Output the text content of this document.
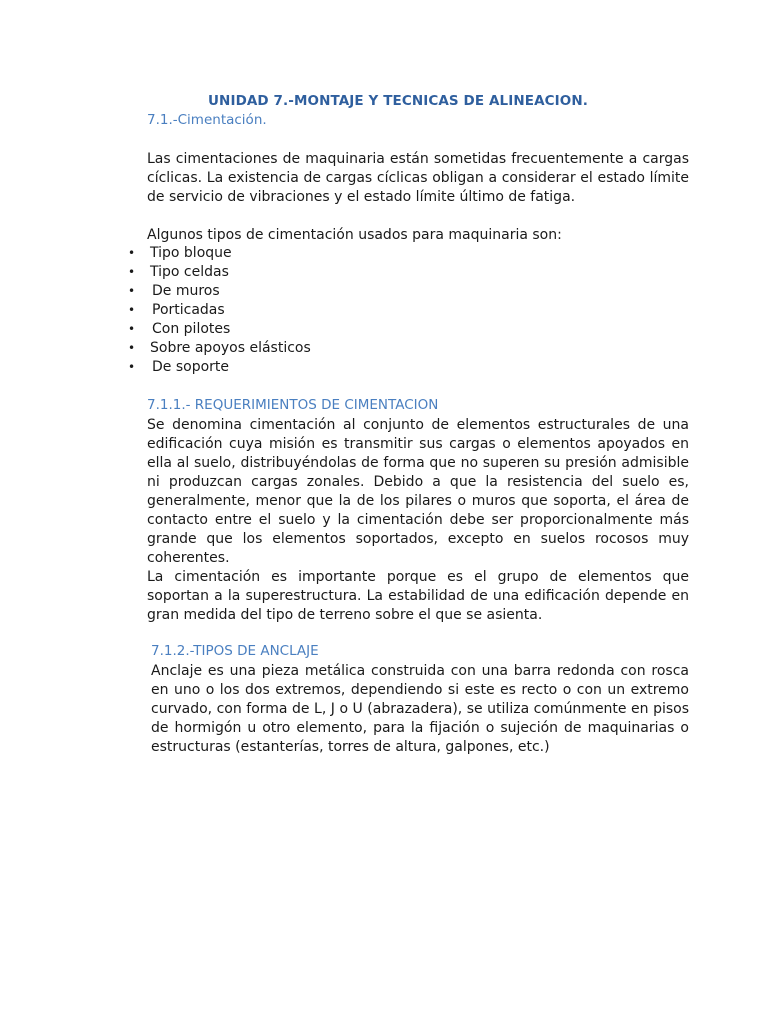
UNIDAD 7.-MONTAJE Y TECNICAS DE ALINEACION.
7.1.-Cimentación.
Las cimentaciones de maquinaria están sometidas frecuentemente a cargas cíclicas. La existencia de cargas cíclicas obligan a considerar el estado límite de servicio de vibraciones y el estado límite último de fatiga.
Algunos tipos de cimentación usados para maquinaria son:
• Tipo bloque
• Tipo celdas
• De muros
• Porticadas
• Con pilotes
• Sobre apoyos elásticos
• De soporte
7.1.1.- REQUERIMIENTOS DE CIMENTACION
Se denomina cimentación al conjunto de elementos estructurales de una edificación cuya misión es transmitir sus cargas o elementos apoyados en ella al suelo, distribuyéndolas de forma que no superen su presión admisible ni produzcan cargas zonales. Debido a que la resistencia del suelo es, generalmente, menor que la de los pilares o muros que soporta, el área de contacto entre el suelo y la cimentación debe ser proporcionalmente más grande que los elementos soportados, excepto en suelos rocosos muy coherentes.
La cimentación es importante porque es el grupo de elementos que soportan a la superestructura. La estabilidad de una edificación depende en gran medida del tipo de terreno sobre el que se asienta.
7.1.2.-TIPOS DE ANCLAJE
Anclaje es una pieza metálica construida con una barra redonda con rosca en uno o los dos extremos, dependiendo si este es recto o con un extremo curvado, con forma de L, J o U (abrazadera), se utiliza comúnmente en pisos de hormigón u otro elemento, para la fijación o sujeción de maquinarias o estructuras (estanterías, torres de altura, galpones, etc.)
